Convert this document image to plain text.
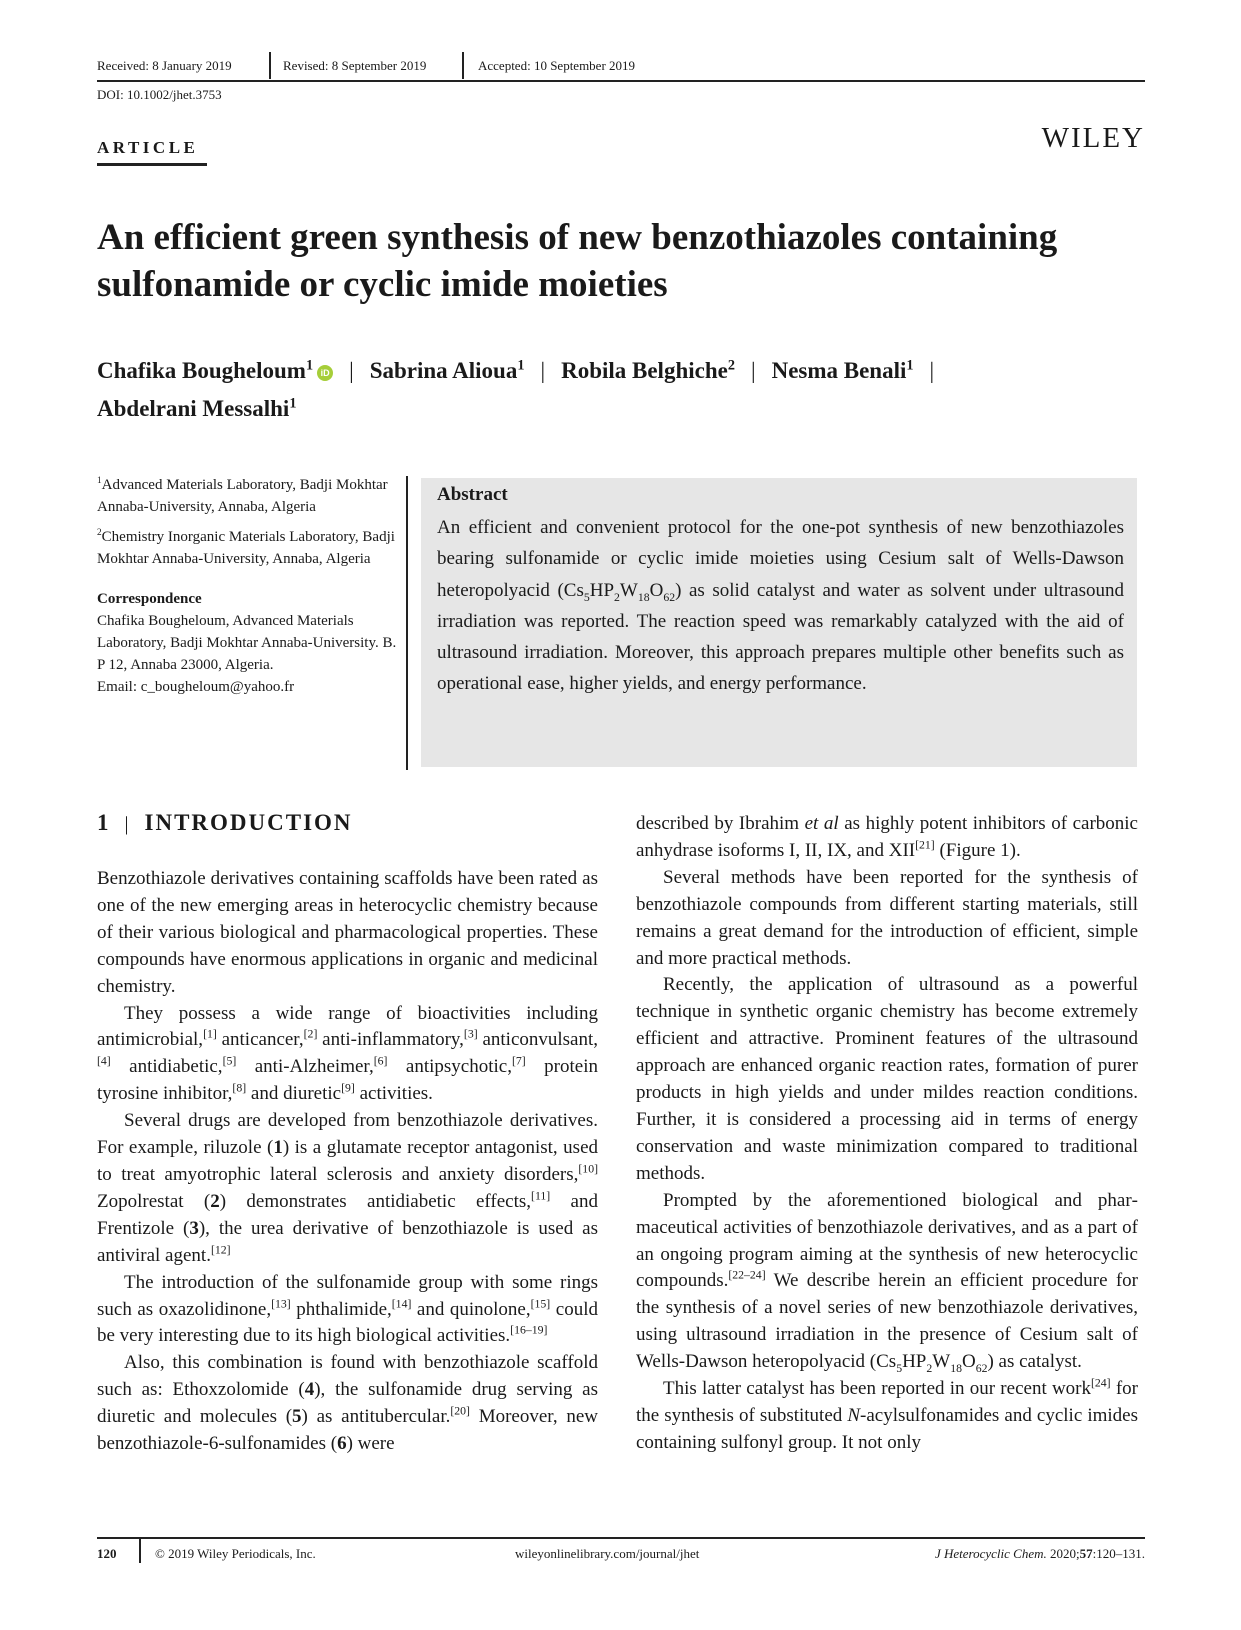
Received: 8 January 2019	Revised: 8 September 2019	Accepted: 10 September 2019
DOI: 10.1002/jhet.3753
ARTICLE	WILEY
An efficient green synthesis of new benzothiazoles containing sulfonamide or cyclic imide moieties
Chafika Bougheloum$^1$ iD | Sabrina Alioua$^1$ | Robila Belghiche$^2$ | Nesma Benali$^1$ |
Abdelrani Messalhi$^1$

$^1$Advanced Materials Laboratory, Badji Mokhtar Annaba-University, Annaba, Algeria

$^2$Chemistry Inorganic Materials Laboratory, Badji Mokhtar Annaba-University, Annaba, Algeria

Correspondence

Chafika Bougheloum, Advanced Materials Laboratory, Badji Mokhtar Annaba-University. B. P 12, Annaba 23000, Algeria.
Email: c_bougheloum@yahoo.fr
Abstract
An efficient and convenient protocol for the one-pot synthesis of new benzothiazoles bearing sulfonamide or cyclic imide moieties using Cesium salt of Wells-Dawson heteropolyacid $(Cs_5HP_2W_{18}O_{62})$ as solid catalyst and water as solvent under ultrasound irradiation was reported. The reaction speed was remarkably catalyzed with the aid of ultrasound irradiation. Moreover, this approach prepares multiple other benefits such as operational ease, higher yields, and energy performance.
1 | INTRODUCTION

Benzothiazole derivatives containing scaffolds have been rated as one of the new emerging areas in heterocyclic chemistry because of their various biological and pharmacological properties. These compounds have enormous applications in organic and medicinal chemistry.

They possess a wide range of bioactivities including antimicrobial,[1] anticancer,[2] anti-inflammatory,[3] anticonvulsant,[4] antidiabetic,[5] anti-Alzheimer,[6] antipsychotic,[7] protein tyrosine inhibitor,[8] and diuretic[9] activities.

Several drugs are developed from benzothiazole derivatives. For example, riluzole (1) is a glutamate receptor antagonist, used to treat amyotrophic lateral sclerosis and anxiety disorders,[10] Zopolrestat (2) demonstrates antidiabetic effects,[11] and Frentizole (3), the urea derivative of benzothiazole is used as antiviral agent.[12]

The introduction of the sulfonamide group with some rings such as oxazolidinone,[13] phthalimide,[14] and quinolone,[15] could be very interesting due to its high biological activities.[16–19]

Also, this combination is found with benzothiazole scaffold such as: Ethoxzolomide (4), the sulfonamide drug serving as diuretic and molecules (5) as antitubercular.[20] Moreover, new benzothiazole-6-sulfonamides (6) were

described by Ibrahim et al as highly potent inhibitors of carbonic anhydrase isoforms I, II, IX, and XII[21] (Figure 1).

Several methods have been reported for the synthesis of benzothiazole compounds from different starting materials, still remains a great demand for the introduction of efficient, simple and more practical methods.

Recently, the application of ultrasound as a powerful technique in synthetic organic chemistry has become extremely efficient and attractive. Prominent features of the ultrasound approach are enhanced organic reaction rates, formation of purer products in high yields and under mildes reaction conditions. Further, it is considered a processing aid in terms of energy conservation and waste minimization compared to traditional methods.

Prompted by the aforementioned biological and pharmaceutical activities of benzothiazole derivatives, and as a part of an ongoing program aiming at the synthesis of new heterocyclic compounds.[22–24] We describe herein an efficient procedure for the synthesis of a novel series of new benzothiazole derivatives, using ultrasound irradiation in the presence of Cesium salt of Wells-Dawson heteropolyacid $(Cs_5HP_2W_{18}O_{62})$ as catalyst.

This latter catalyst has been reported in our recent work[24] for the synthesis of substituted N-acylsulfonamides and cyclic imides containing sulfonyl group. It not only

120	© 2019 Wiley Periodicals, Inc.	wileyonlinelibrary.com/journal/jhet	J Heterocyclic Chem. 2020;57:120–131.
